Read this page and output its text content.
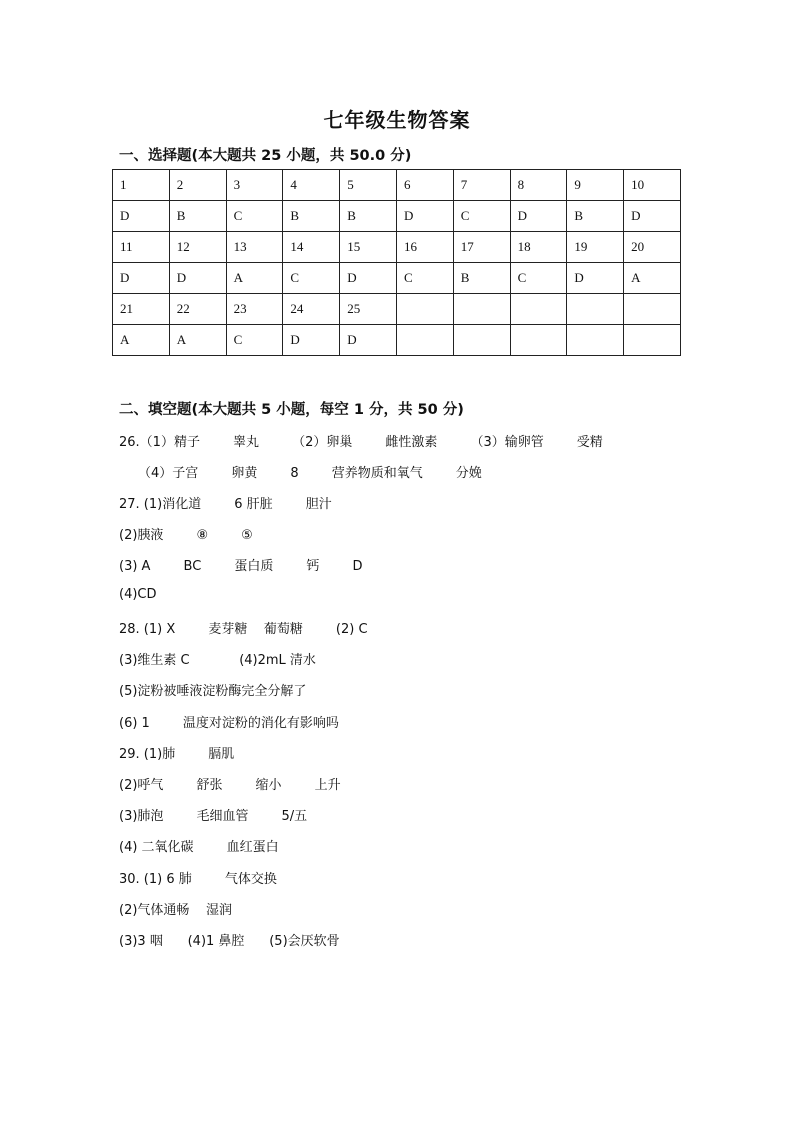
七年级生物答案
一、选择题(本大题共 25 小题，共 50.0 分)
1	2	3	4	5	6	7	8	9	10
D	B	C	B	B	D	C	D	B	D
11	12	13	14	15	16	17	18	19	20
D	D	A	C	D	C	B	C	D	A
21	22	23	24	25					
A	A	C	D	D					
二、填空题(本大题共 5 小题，每空 1 分，共 50 分)
26.（1）精子        睾丸        （2）卵巢        雌性激素        （3）输卵管        受精
（4）子宫        卵黄        8        营养物质和氧气        分娩
27. (1)消化道        6 肝脏        胆汁
(2)胰液        ⑧        ⑤
(3) A        BC        蛋白质        钙        D
(4)CD
28. (1) X        麦芽糖    葡萄糖        (2) C
(3)维生素 C            (4)2mL 清水
(5)淀粉被唾液淀粉酶完全分解了
(6) 1        温度对淀粉的消化有影响吗
29. (1)肺        膈肌
(2)呼气        舒张        缩小        上升
(3)肺泡        毛细血管        5/五
(4) 二氧化碳        血红蛋白
30. (1) 6 肺        气体交换
(2)气体通畅    湿润
(3)3 咽      (4)1 鼻腔      (5)会厌软骨
